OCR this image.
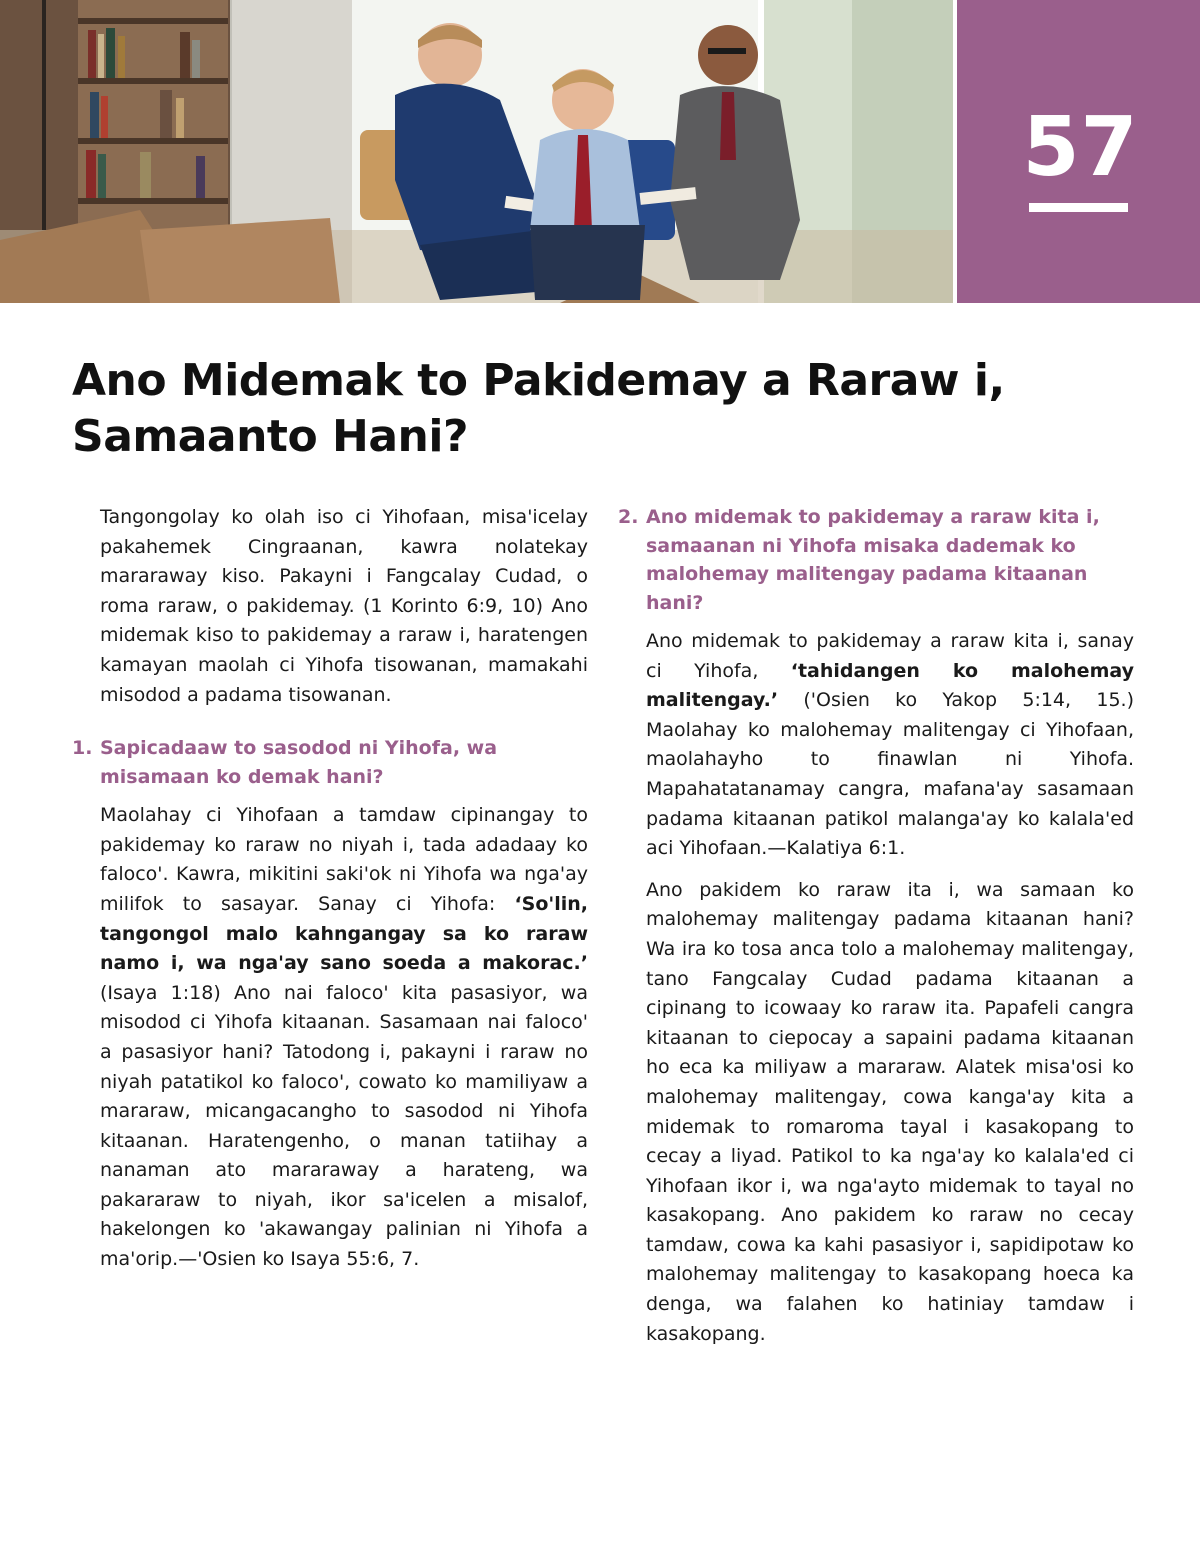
57
Ano Midemak to Pakidemay a Raraw i, Samaanto Hani?

Tangongolay ko olah iso ci Yihofaan, misa'icelay pakahemek Cingraanan, kawra nolatekay mararaway kiso. Pakayni i Fangcalay Cudad, o roma raraw, o pakidemay. (1 Korinto 6:9, 10) Ano midemak kiso to pakidemay a raraw i, haratengen kamayan maolah ci Yihofa tisowanan, mamakahi misodod a padama tisowanan.

1. Sapicadaaw to sasodod ni Yihofa, wa misamaan ko demak hani?

Maolahay ci Yihofaan a tamdaw cipinangay to pakidemay ko raraw no niyah i, tada adadaay ko faloco'. Kawra, mikitini saki'ok ni Yihofa wa nga'ay milifok to sasayar. Sanay ci Yihofa: ‘So'lin, tangongol malo kahngangay sa ko raraw namo i, wa nga'ay sano soeda a makorac.’ (Isaya 1:18) Ano nai faloco' kita pasasiyor, wa misodod ci Yihofa kitaanan. Sasamaan nai faloco' a pasasiyor hani? Tatodong i, pakayni i raraw no niyah patatikol ko faloco', cowato ko mamiliyaw a mararaw, micangacangho to sasodod ni Yihofa kitaanan. Haratengenho, o manan tatiihay a nanaman ato mararaway a harateng, wa pakararaw to niyah, ikor sa'icelen a misalof, hakelongen ko 'akawangay palinian ni Yihofa a ma'orip.—'Osien ko Isaya 55:6, 7.

2. Ano midemak to pakidemay a raraw kita i, samaanan ni Yihofa misaka dademak ko malohemay malitengay padama kitaanan hani?

Ano midemak to pakidemay a raraw kita i, sanay ci Yihofa, ‘tahidangen ko malohemay malitengay.’ ('Osien ko Yakop 5:14, 15.) Maolahay ko malohemay malitengay ci Yihofaan, maolahayho to finawlan ni Yihofa. Mapahatatanamay cangra, mafana'ay sasamaan padama kitaanan patikol malanga'ay ko kalala'ed aci Yihofaan.—Kalatiya 6:1.

Ano pakidem ko raraw ita i, wa samaan ko malohemay malitengay padama kitaanan hani? Wa ira ko tosa anca tolo a malohemay malitengay, tano Fangcalay Cudad padama kitaanan a cipinang to icowaay ko raraw ita. Papafeli cangra kitaanan to ciepocay a sapaini padama kitaanan ho eca ka miliyaw a mararaw. Alatek misa'osi ko malohemay malitengay, cowa kanga'ay kita a midemak to romaroma tayal i kasakopang to cecay a liyad. Patikol to ka nga'ay ko kalala'ed ci Yihofaan ikor i, wa nga'ayto midemak to tayal no kasakopang. Ano pakidem ko raraw no cecay tamdaw, cowa ka kahi pasasiyor i, sapidipotaw ko malohemay malitengay to kasakopang hoeca ka denga, wa falahen ko hatiniay tamdaw i kasakopang.
